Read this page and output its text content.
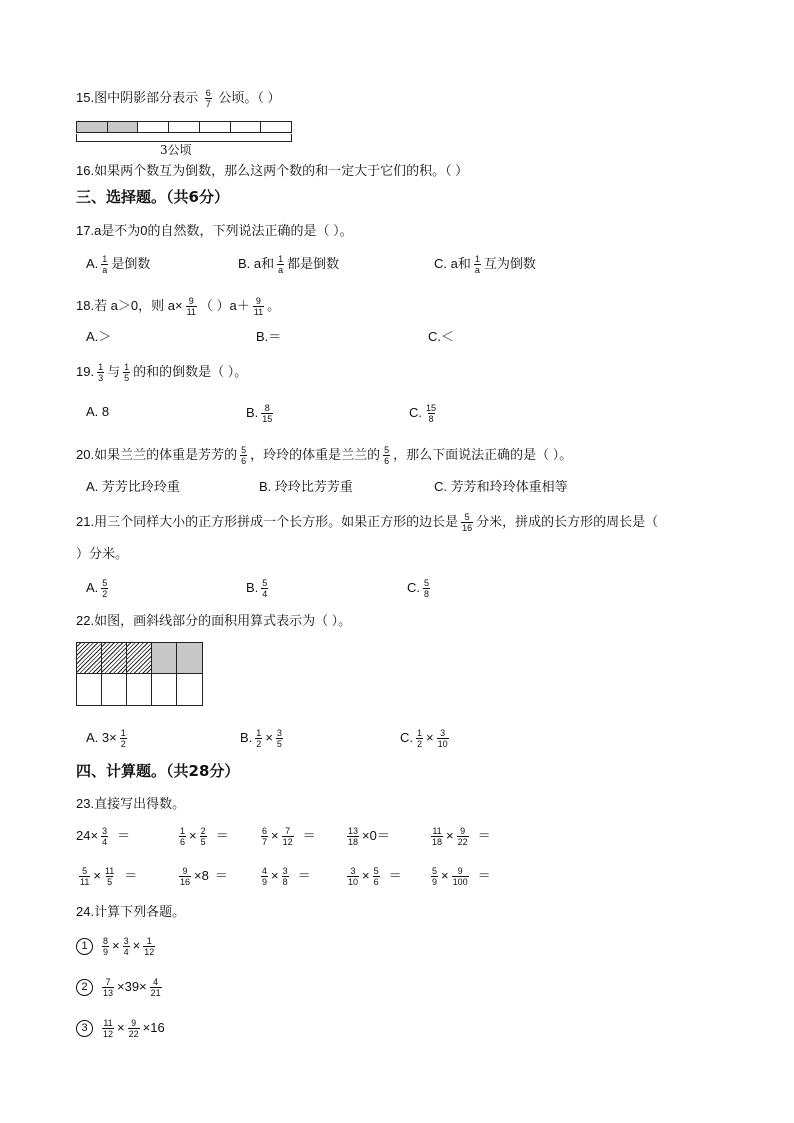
15.图中阴影部分表示 $\frac{6}{7}$ 公顷。（ ）
3公顷
16.如果两个数互为倒数，那么这两个数的和一定大于它们的积。（ ）
三、选择题。（共6分）
17.a是不为0的自然数，下列说法正确的是（ ）。
A. $\frac{1}{a}$ 是倒数	B. a和 $\frac{1}{a}$ 都是倒数	C. a和 $\frac{1}{a}$ 互为倒数
18.若 a＞0，则 $a\times \frac{9}{11}$ （ ）$a+ \frac{9}{11}$ 。
A.＞	B.＝	C.＜
19. $\frac{1}{3}$ 与 $\frac{1}{5}$ 的和的倒数是（ ）。
A. 8	B. $\frac{8}{15}$	C. $\frac{15}{8}$
20.如果兰兰的体重是芳芳的 $\frac{5}{6}$ ，玲玲的体重是兰兰的 $\frac{5}{6}$ ，那么下面说法正确的是（ ）。
A. 芳芳比玲玲重	B. 玲玲比芳芳重	C. 芳芳和玲玲体重相等
21.用三个同样大小的正方形拼成一个长方形。如果正方形的边长是 $\frac{5}{16}$ 分米，拼成的长方形的周长是（
）分米。
A. $\frac{5}{2}$	B. $\frac{5}{4}$	C. $\frac{5}{8}$
22.如图，画斜线部分的面积用算式表示为（ ）。
A. $3\times \frac{1}{2}$	B. $\frac{1}{2} \times \frac{3}{5}$	C. $\frac{1}{2} \times \frac{3}{10}$
四、计算题。（共28分）
23.直接写出得数。
$24\times \frac{3}{4}$ ＝	$\frac{1}{6} \times \frac{2}{5}$ ＝	$\frac{6}{7} \times \frac{7}{12}$ ＝	$\frac{13}{18} \times 0=$	$\frac{11}{18} \times \frac{9}{22}$ ＝
$\frac{5}{11} \times \frac{11}{5}$ ＝	$\frac{9}{16} \times 8$ ＝	$\frac{4}{9} \times \frac{3}{8}$ ＝	$\frac{3}{10} \times \frac{5}{6}$ ＝	$\frac{5}{9} \times \frac{9}{100}$ ＝
24.计算下列各题。
$1 \frac{8}{9} \times \frac{3}{4} \times \frac{1}{12}$
$2 \frac{7}{13} \times 39\times \frac{4}{21}$
$3 \frac{11}{12} \times \frac{9}{22} \times 16$
